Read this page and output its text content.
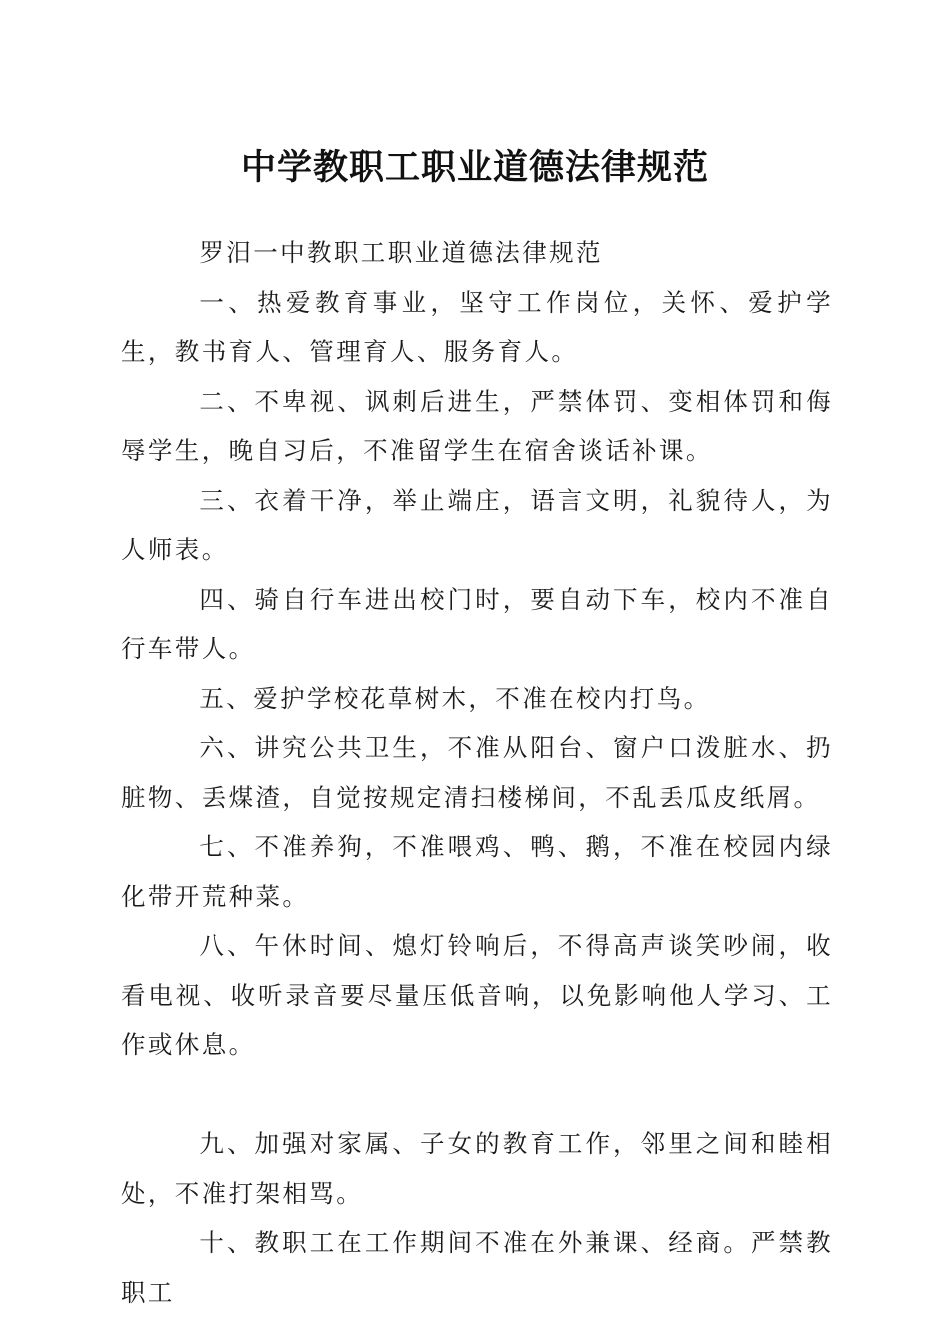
中学教职工职业道德法律规范

罗汨一中教职工职业道德法律规范

一、热爱教育事业，坚守工作岗位，关怀、爱护学生，教书育人、管理育人、服务育人。

二、不卑视、讽刺后进生，严禁体罚、变相体罚和侮辱学生，晚自习后，不准留学生在宿舍谈话补课。

三、衣着干净，举止端庄，语言文明，礼貌待人，为人师表。

四、骑自行车进出校门时，要自动下车，校内不准自行车带人。

五、爱护学校花草树木，不准在校内打鸟。

六、讲究公共卫生，不准从阳台、窗户口泼脏水、扔脏物、丢煤渣，自觉按规定清扫楼梯间，不乱丢瓜皮纸屑。

七、不准养狗，不准喂鸡、鸭、鹅，不准在校园内绿化带开荒种菜。

八、午休时间、熄灯铃响后，不得高声谈笑吵闹，收看电视、收听录音要尽量压低音响，以免影响他人学习、工作或休息。

九、加强对家属、子女的教育工作，邻里之间和睦相处，不准打架相骂。

十、教职工在工作期间不准在外兼课、经商。严禁教职工
